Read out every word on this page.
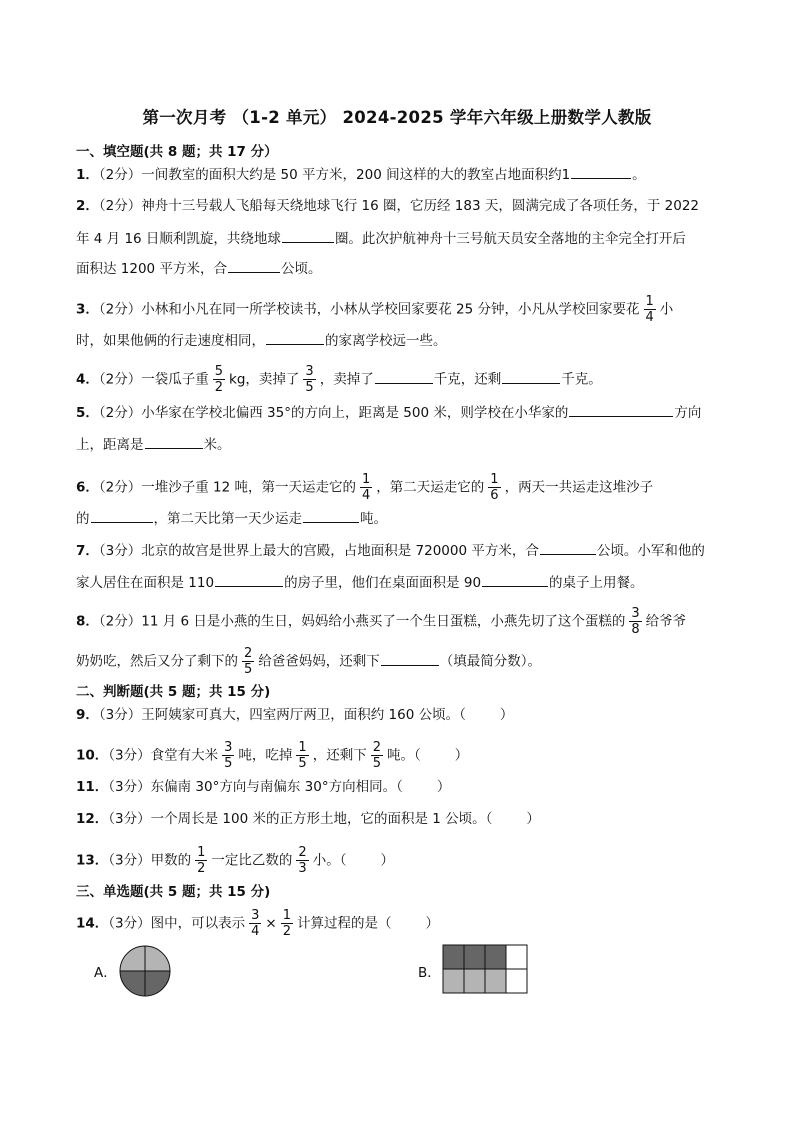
第一次月考 （1-2 单元） 2024-2025 学年六年级上册数学人教版
一、填空题(共 8 题；共 17 分）
1．（2分）一间教室的面积大约是 50 平方米，200 间这样的大的教室占地面积约1	。
2．（2分）神舟十三号载人飞船每天绕地球飞行 16 圈，它历经 183 天，圆满完成了各项任务，于 2022
年 4 月 16 日顺利凯旋，共绕地球	圈。此次护航神舟十三号航天员安全落地的主伞完全打开后
面积达 1200 平方米，合	公顷。
3．（2分）小林和小凡在同一所学校读书，小林从学校回家要花 25 分钟，小凡从学校回家要花 $\frac{1}{4}$ 小
时，如果他俩的行走速度相同，	的家离学校远一些。
4．（2分）一袋瓜子重 $\frac{5}{2}$ kg，卖掉了 $\frac{3}{5}$ ，卖掉了	千克，还剩	千克。
5．（2分）小华家在学校北偏西 35°的方向上，距离是 500 米，则学校在小华家的	方向
上，距离是	米。
6．（2分）一堆沙子重 12 吨，第一天运走它的 $\frac{1}{4}$ ，第二天运走它的 $\frac{1}{6}$ ，两天一共运走这堆沙子
的	，第二天比第一天少运走	吨。
7．（3分）北京的故宫是世界上最大的宫殿，占地面积是 720000 平方米，合	公顷。小军和他的
家人居住在面积是 110	的房子里，他们在桌面面积是 90	的桌子上用餐。
8．（2分）11 月 6 日是小燕的生日，妈妈给小燕买了一个生日蛋糕，小燕先切了这个蛋糕的 $\frac{3}{8}$ 给爷爷
奶奶吃，然后又分了剩下的 $\frac{2}{5}$ 给爸爸妈妈，还剩下	（填最简分数）。
二、判断题(共 5 题；共 15 分)
9．（3分）王阿姨家可真大，四室两厅两卫，面积约 160 公顷。（	）
10．（3分）食堂有大米 $\frac{3}{5}$ 吨，吃掉 $\frac{1}{5}$ ，还剩下 $\frac{2}{5}$ 吨。（	）
11．（3分）东偏南 30°方向与南偏东 30°方向相同。（	）
12．（3分）一个周长是 100 米的正方形土地，它的面积是 1 公顷。（	）
13．（3分）甲数的 $\frac{1}{2}$ 一定比乙数的 $\frac{2}{3}$ 小。（	）
三、单选题(共 5 题；共 15 分)
14．（3分）图中，可以表示 $\frac{3}{4} \times \frac{1}{2}$ 计算过程的是（	）
A．	B．
